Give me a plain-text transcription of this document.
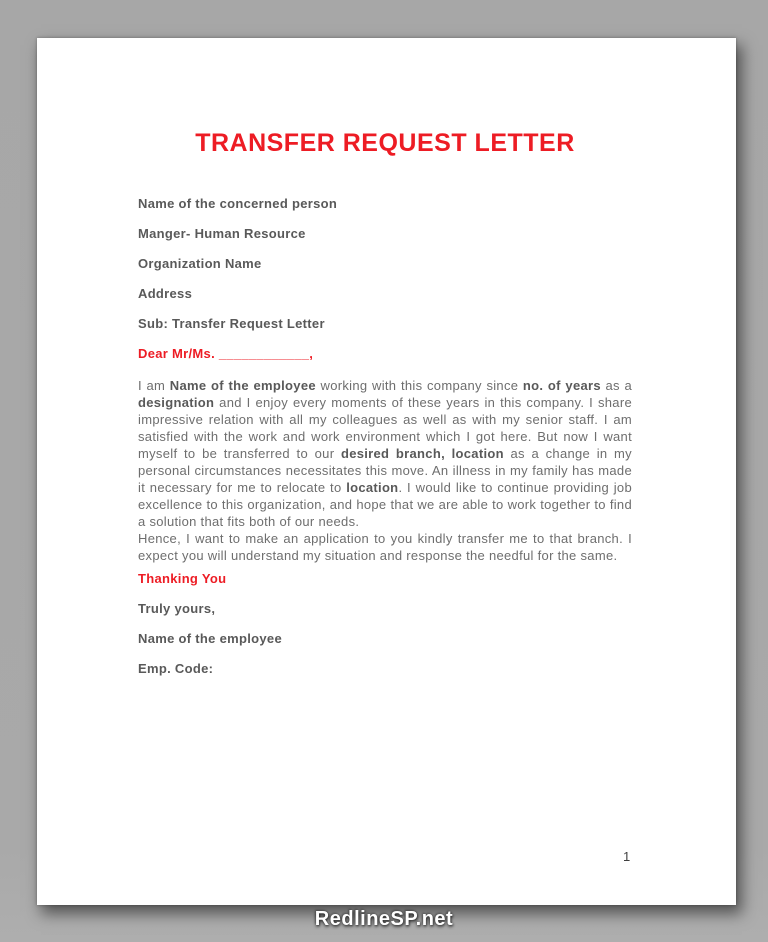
TRANSFER REQUEST LETTER

Name of the concerned person

Manger- Human Resource

Organization Name

Address

Sub: Transfer Request Letter

Dear Mr/Ms. ____________,

I am Name of the employee working with this company since no. of years as a designation and I enjoy every moments of these years in this company. I share impressive relation with all my colleagues as well as with my senior staff. I am satisfied with the work and work environment which I got here. But now I want myself to be transferred to our desired branch, location as a change in my personal circumstances necessitates this move. An illness in my family has made it necessary for me to relocate to location. I would like to continue providing job excellence to this organization, and hope that we are able to work together to find a solution that fits both of our needs.
Hence, I want to make an application to you kindly transfer me to that branch. I expect you will understand my situation and response the needful for the same.

Thanking You

Truly yours,

Name of the employee

Emp. Code:

1
RedlineSP.net
